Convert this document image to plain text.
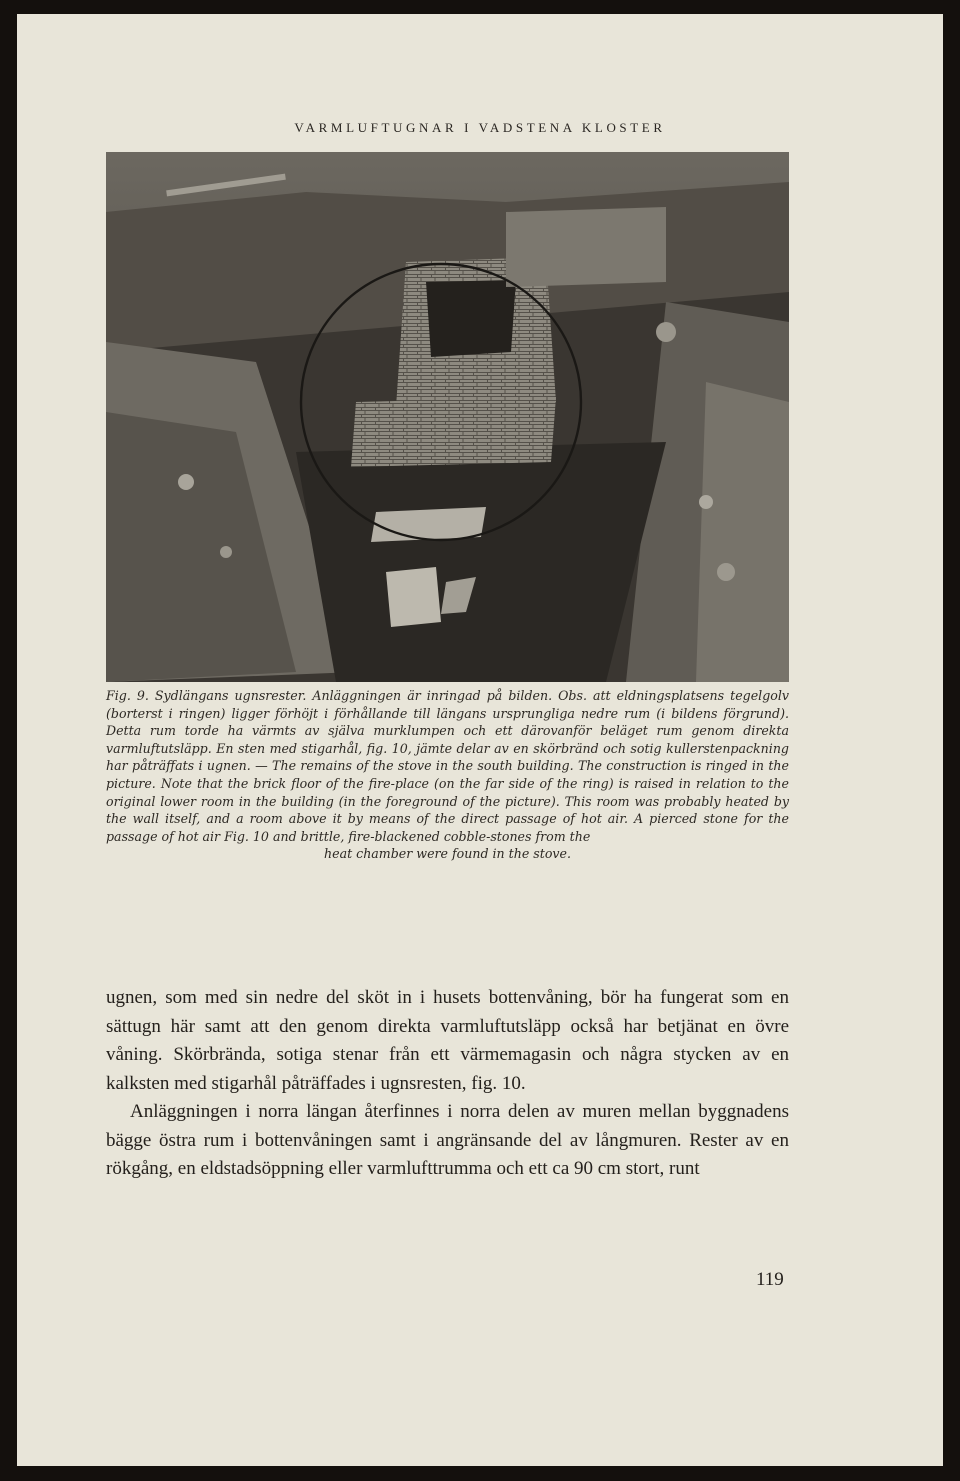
VARMLUFTUGNAR I VADSTENA KLOSTER
Fig. 9. Sydlängans ugnsrester. Anläggningen är inringad på bilden. Obs. att eldningsplatsens tegelgolv (borterst i ringen) ligger förhöjt i förhållande till längans ursprungliga nedre rum (i bildens förgrund). Detta rum torde ha värmts av själva murklumpen och ett därovanför beläget rum genom direkta varmluftutsläpp. En sten med stigarhål, fig. 10, jämte delar av en skörbränd och sotig kullerstenpackning har påträffats i ugnen. — The remains of the stove in the south building. The construction is ringed in the picture. Note that the brick floor of the fire-place (on the far side of the ring) is raised in relation to the original lower room in the building (in the foreground of the picture). This room was probably heated by the wall itself, and a room above it by means of the direct passage of hot air. A pierced stone for the passage of hot air Fig. 10 and brittle, fire-blackened cobble-stones from the
heat chamber were found in the stove.

ugnen, som med sin nedre del sköt in i husets bottenvåning, bör ha fungerat som en sättugn här samt att den genom direkta varmluftutsläpp också har betjänat en övre våning. Skörbrända, sotiga stenar från ett värmemagasin och några stycken av en kalksten med stigarhål påträffades i ugnsresten, fig. 10.

Anläggningen i norra längan återfinnes i norra delen av muren mellan byggnadens bägge östra rum i bottenvåningen samt i angränsande del av långmuren. Rester av en rökgång, en eldstadsöppning eller varmlufttrumma och ett ca 90 cm stort, runt

119
